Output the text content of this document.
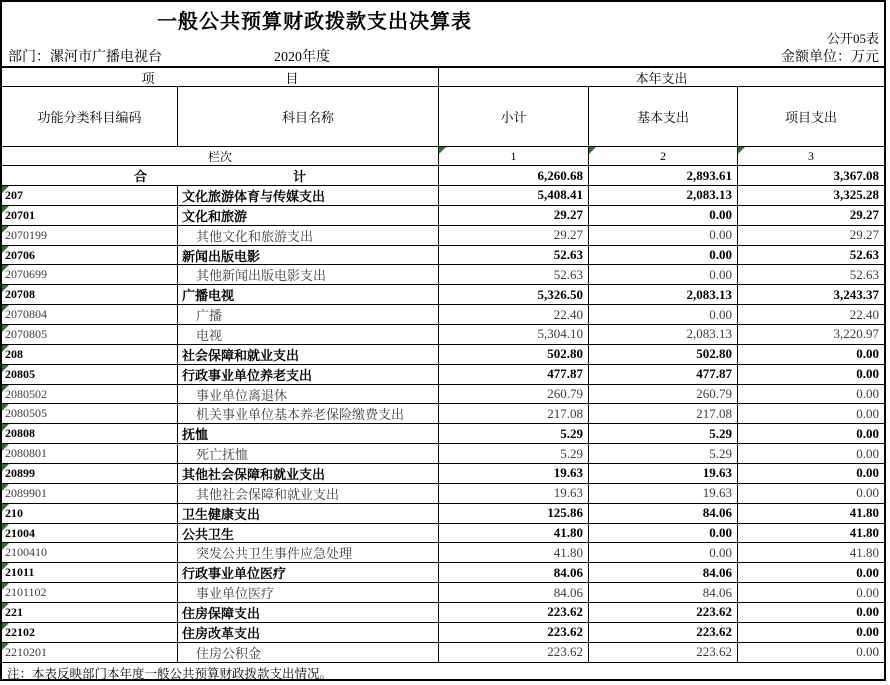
一般公共预算财政拨款支出决算表
公开05表
部门：漯河市广播电视台	2020年度	金额单位：万元
项	目	本年支出
功能分类科目编码	科目名称	小计	基本支出	项目支出
栏次	1	2	3
合	计	6,260.68	2,893.61	3,367.08
207	文化旅游体育与传媒支出	5,408.41	2,083.13	3,325.28
20701	文化和旅游	29.27	0.00	29.27
2070199	其他文化和旅游支出	29.27	0.00	29.27
20706	新闻出版电影	52.63	0.00	52.63
2070699	其他新闻出版电影支出	52.63	0.00	52.63
20708	广播电视	5,326.50	2,083.13	3,243.37
2070804	广播	22.40	0.00	22.40
2070805	电视	5,304.10	2,083.13	3,220.97
208	社会保障和就业支出	502.80	502.80	0.00
20805	行政事业单位养老支出	477.87	477.87	0.00
2080502	事业单位离退休	260.79	260.79	0.00
2080505	机关事业单位基本养老保险缴费支出	217.08	217.08	0.00
20808	抚恤	5.29	5.29	0.00
2080801	死亡抚恤	5.29	5.29	0.00
20899	其他社会保障和就业支出	19.63	19.63	0.00
2089901	其他社会保障和就业支出	19.63	19.63	0.00
210	卫生健康支出	125.86	84.06	41.80
21004	公共卫生	41.80	0.00	41.80
2100410	突发公共卫生事件应急处理	41.80	0.00	41.80
21011	行政事业单位医疗	84.06	84.06	0.00
2101102	事业单位医疗	84.06	84.06	0.00
221	住房保障支出	223.62	223.62	0.00
22102	住房改革支出	223.62	223.62	0.00
2210201	住房公积金	223.62	223.62	0.00
注：本表反映部门本年度一般公共预算财政拨款支出情况。
